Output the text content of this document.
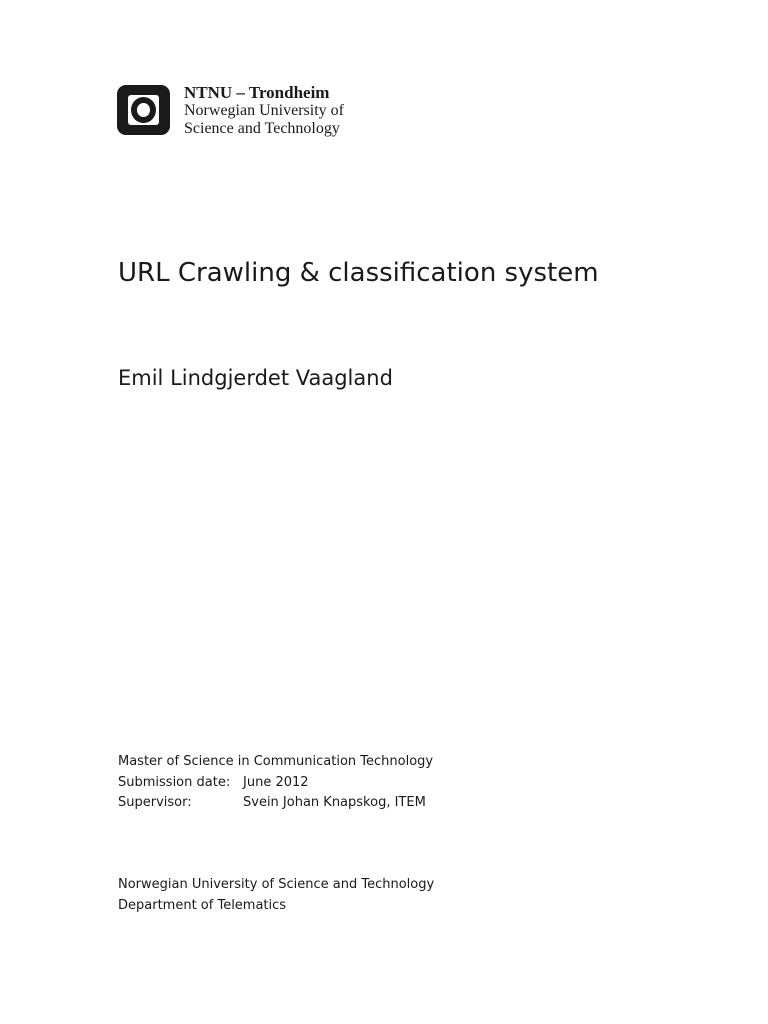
NTNU – Trondheim
Norwegian University of
Science and Technology
URL Crawling & classification system
Emil Lindgjerdet Vaagland
Master of Science in Communication Technology
Submission date: June 2012
Supervisor:	Svein Johan Knapskog, ITEM
Norwegian University of Science and Technology
Department of Telematics
